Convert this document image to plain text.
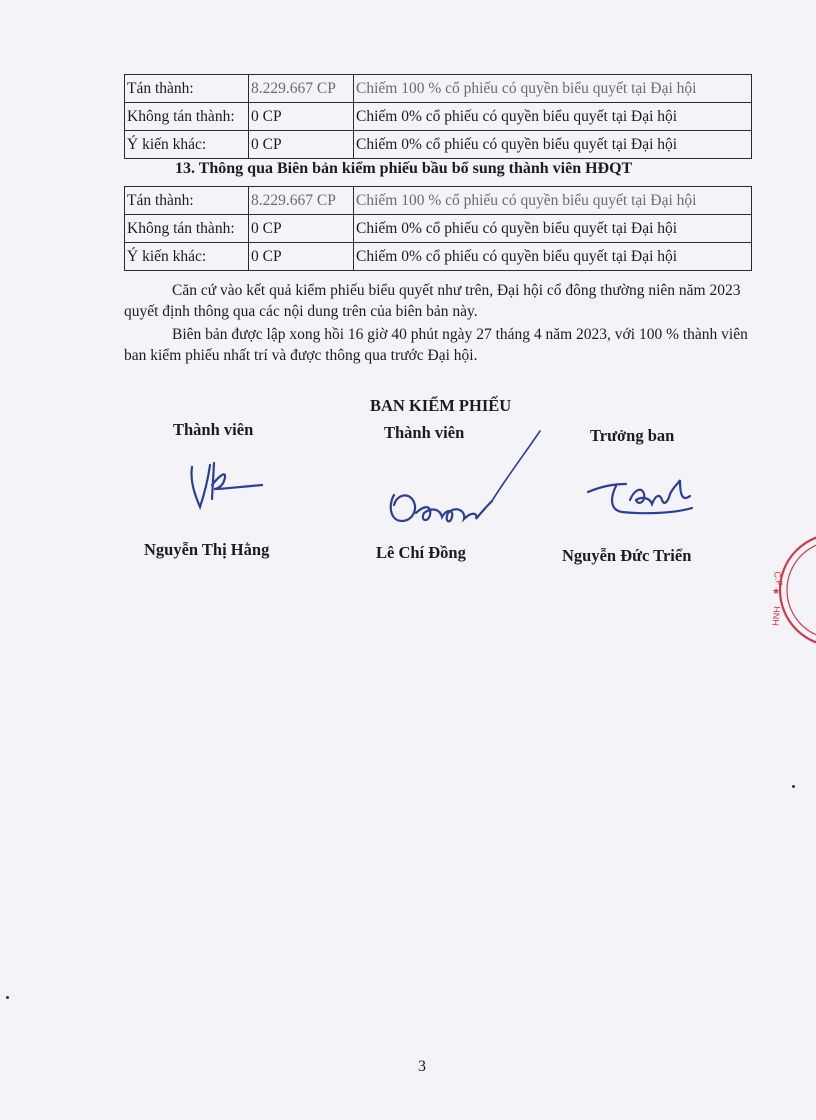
Tán thành:	8.229.667 CP	Chiếm 100 % cổ phiếu có quyền biểu quyết tại Đại hội
Không tán thành:	0 CP	Chiếm 0% cổ phiếu có quyền biểu quyết tại Đại hội
Ý kiến khác:	0 CP	Chiếm 0% cổ phiếu có quyền biểu quyết tại Đại hội
13. Thông qua Biên bản kiểm phiếu bầu bổ sung thành viên HĐQT
Tán thành:	8.229.667 CP	Chiếm 100 % cổ phiếu có quyền biểu quyết tại Đại hội
Không tán thành:	0 CP	Chiếm 0% cổ phiếu có quyền biểu quyết tại Đại hội
Ý kiến khác:	0 CP	Chiếm 0% cổ phiếu có quyền biểu quyết tại Đại hội

Căn cứ vào kết quả kiểm phiếu biểu quyết như trên, Đại hội cổ đông thường niên năm 2023 quyết định thông qua các nội dung trên của biên bản này.

Biên bản được lập xong hồi 16 giờ 40 phút ngày 27 tháng 4 năm 2023, với 100 % thành viên ban kiểm phiếu nhất trí và được thông qua trước Đại hội.

BAN KIỂM PHIẾU
Thành viên	Thành viên	Trưởng ban
Nguyễn Thị Hằng	Lê Chí Đồng	Nguyễn Đức Triển
C.P
★
HNH
3
